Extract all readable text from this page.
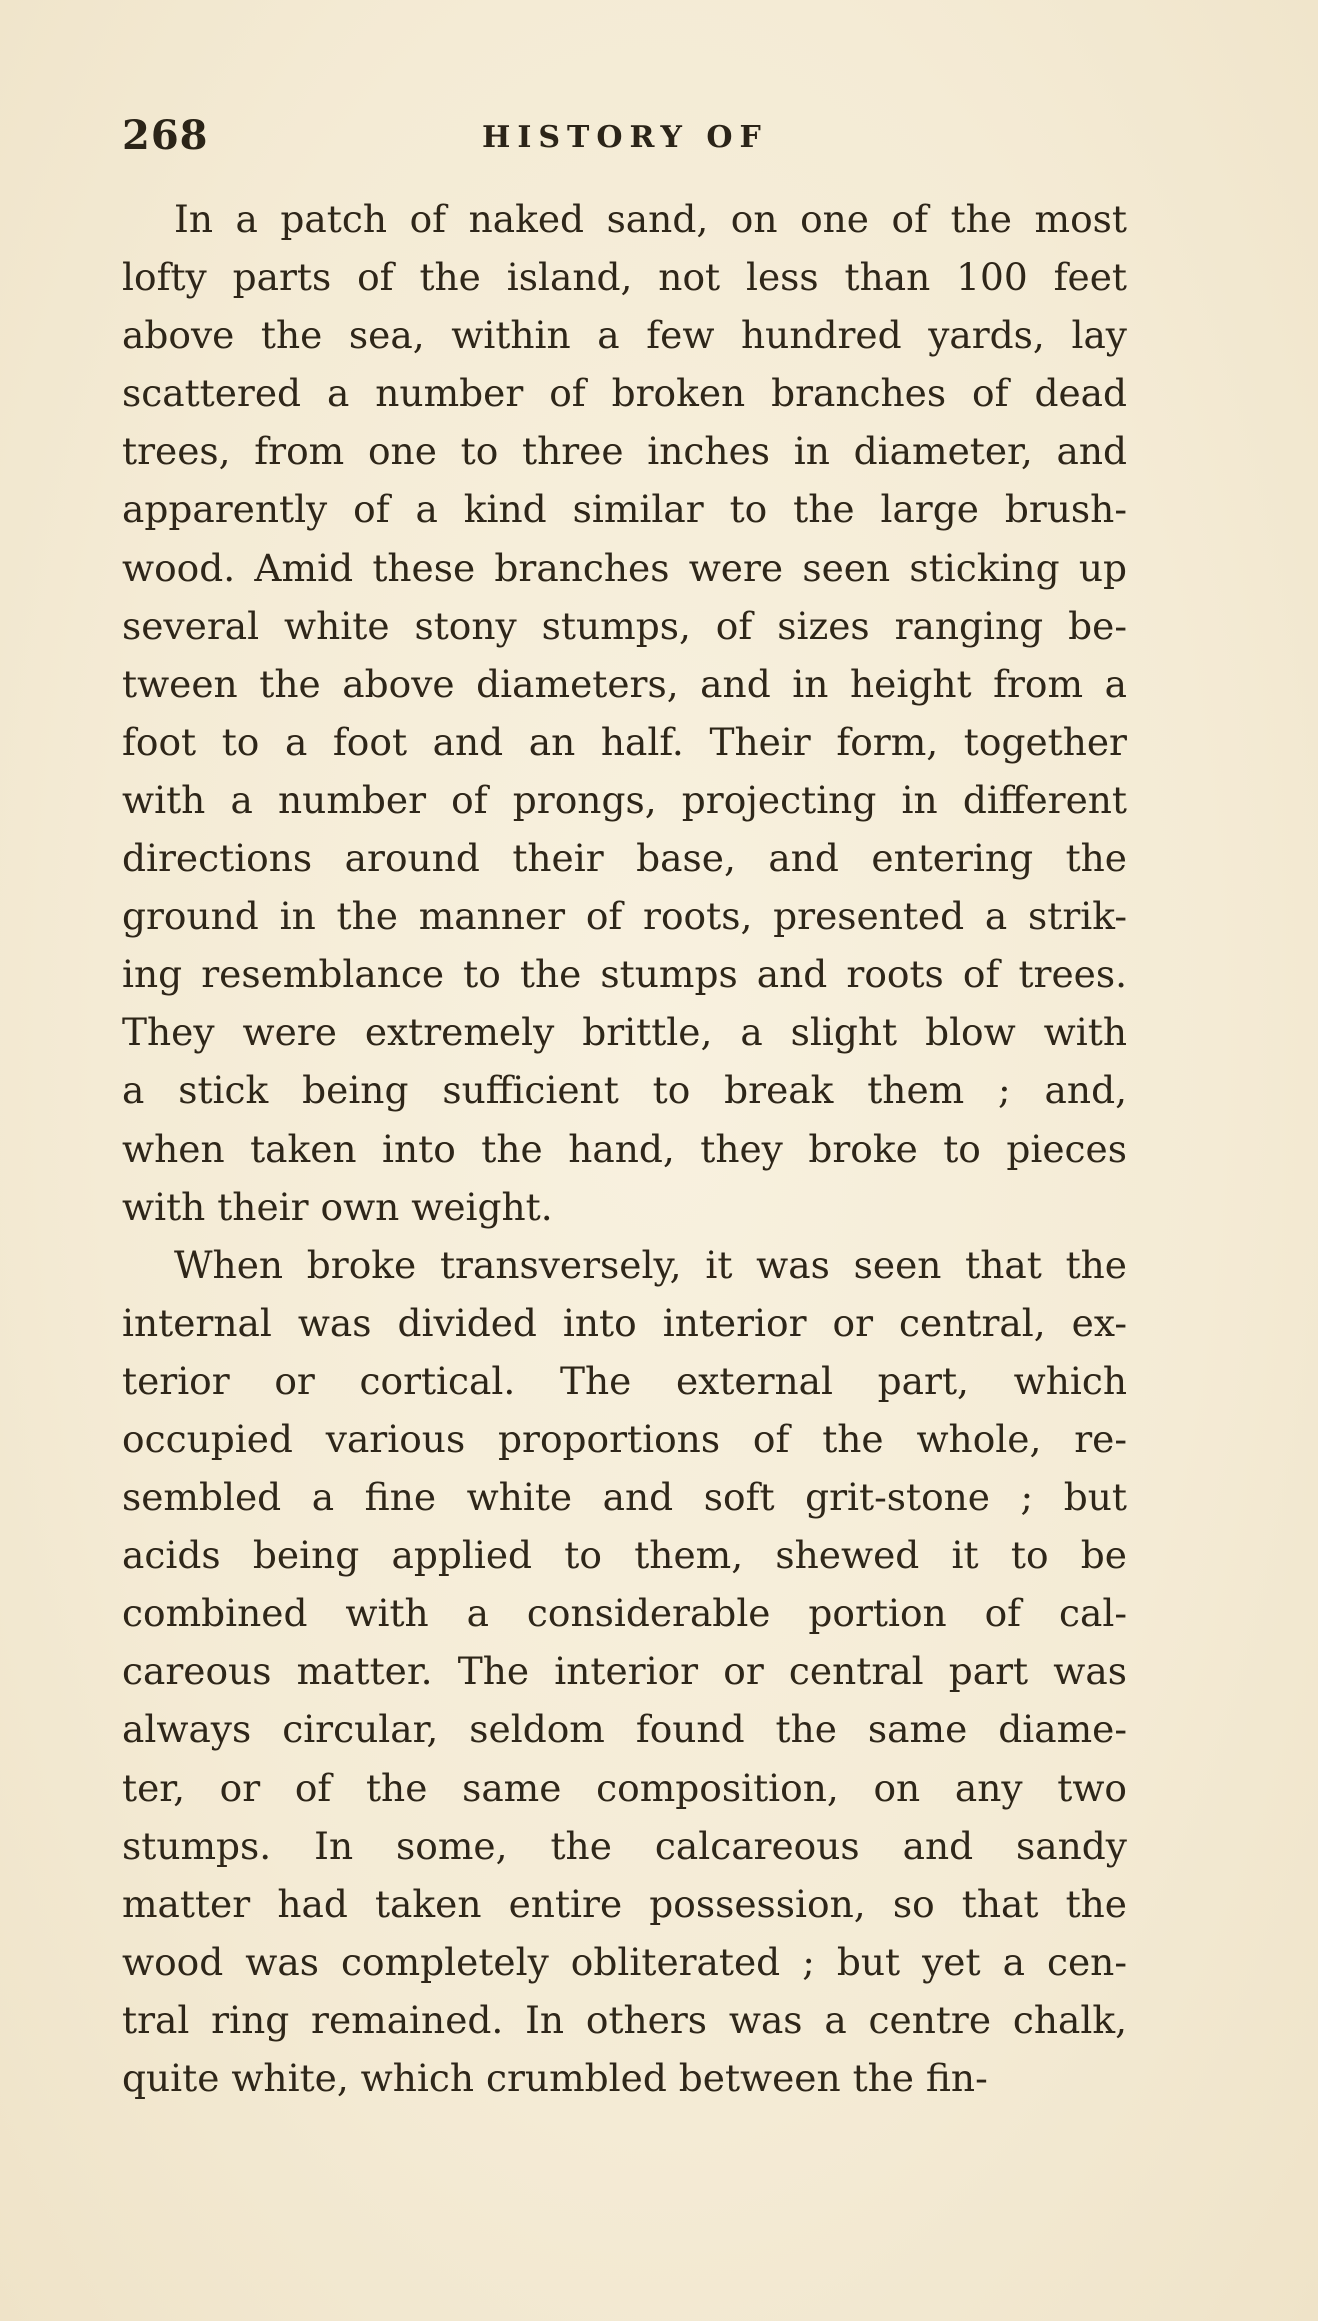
268	HISTORY OF
In a patch of naked sand, on one of the most
lofty parts of the island, not less than 100 feet
above the sea, within a few hundred yards, lay
scattered a number of broken branches of dead
trees, from one to three inches in diameter, and
apparently of a kind similar to the large brush-
wood. Amid these branches were seen sticking up
several white stony stumps, of sizes ranging be-
tween the above diameters, and in height from a
foot to a foot and an half. Their form, together
with a number of prongs, projecting in different
directions around their base, and entering the
ground in the manner of roots, presented a strik-
ing resemblance to the stumps and roots of trees.
They were extremely brittle, a slight blow with
a stick being sufficient to break them ; and,
when taken into the hand, they broke to pieces
with their own weight.
When broke transversely, it was seen that the
internal was divided into interior or central, ex-
terior or cortical. The external part, which
occupied various proportions of the whole, re-
sembled a fine white and soft grit-stone ; but
acids being applied to them, shewed it to be
combined with a considerable portion of cal-
careous matter. The interior or central part was
always circular, seldom found the same diame-
ter, or of the same composition, on any two
stumps. In some, the calcareous and sandy
matter had taken entire possession, so that the
wood was completely obliterated ; but yet a cen-
tral ring remained. In others was a centre chalk,
quite white, which crumbled between the fin-
